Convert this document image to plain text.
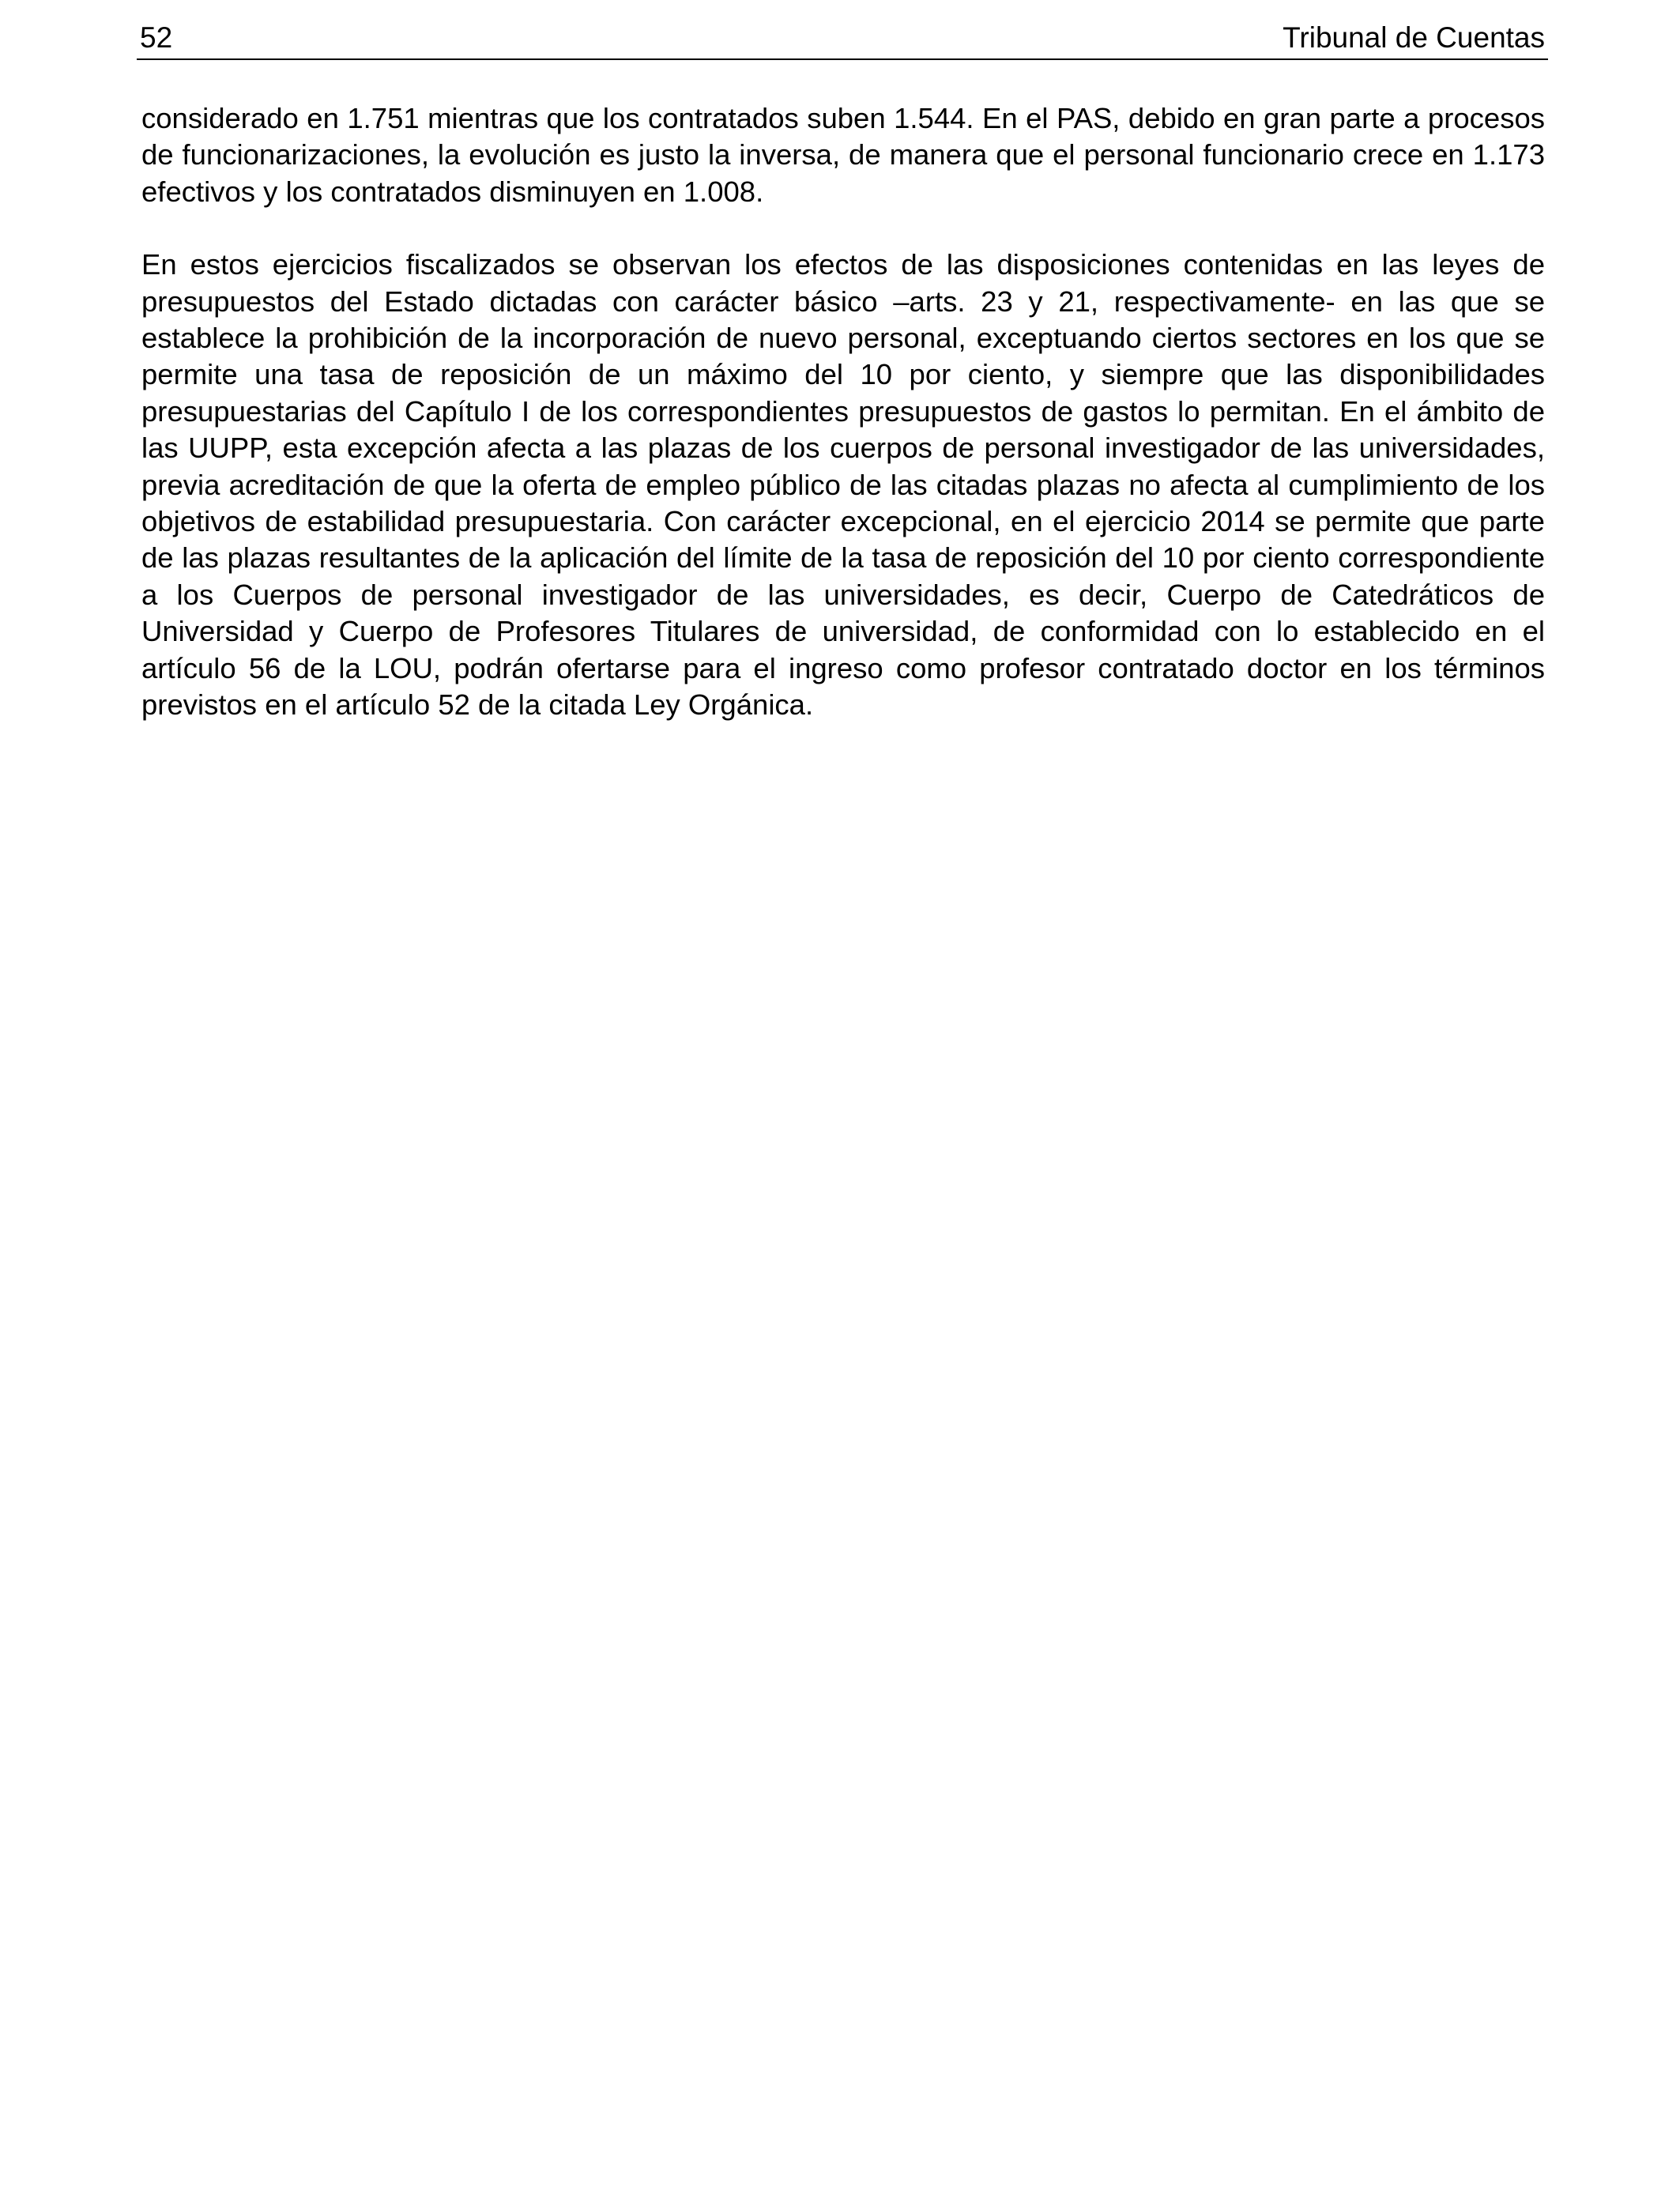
52	Tribunal de Cuentas

considerado en 1.751 mientras que los contratados suben 1.544. En el PAS, debido en gran parte a procesos de funcionarizaciones, la evolución es justo la inversa, de manera que el personal funcionario crece en 1.173 efectivos y los contratados disminuyen en 1.008.

En estos ejercicios fiscalizados se observan los efectos de las disposiciones contenidas en las leyes de presupuestos del Estado dictadas con carácter básico –arts. 23 y 21, respectivamente- en las que se establece la prohibición de la incorporación de nuevo personal, exceptuando ciertos sectores en los que se permite una tasa de reposición de un máximo del 10 por ciento, y siempre que las disponibilidades presupuestarias del Capítulo I de los correspondientes presupuestos de gastos lo permitan. En el ámbito de las UUPP, esta excepción afecta a las plazas de los cuerpos de personal investigador de las universidades, previa acreditación de que la oferta de empleo público de las citadas plazas no afecta al cumplimiento de los objetivos de estabilidad presupuestaria. Con carácter excepcional, en el ejercicio 2014 se permite que parte de las plazas resultantes de la aplicación del límite de la tasa de reposición del 10 por ciento correspondiente a los Cuerpos de personal investigador de las universidades, es decir, Cuerpo de Catedráticos de Universidad y Cuerpo de Profesores Titulares de universidad, de conformidad con lo establecido en el artículo 56 de la LOU, podrán ofertarse para el ingreso como profesor contratado doctor en los términos previstos en el artículo 52 de la citada Ley Orgánica.
